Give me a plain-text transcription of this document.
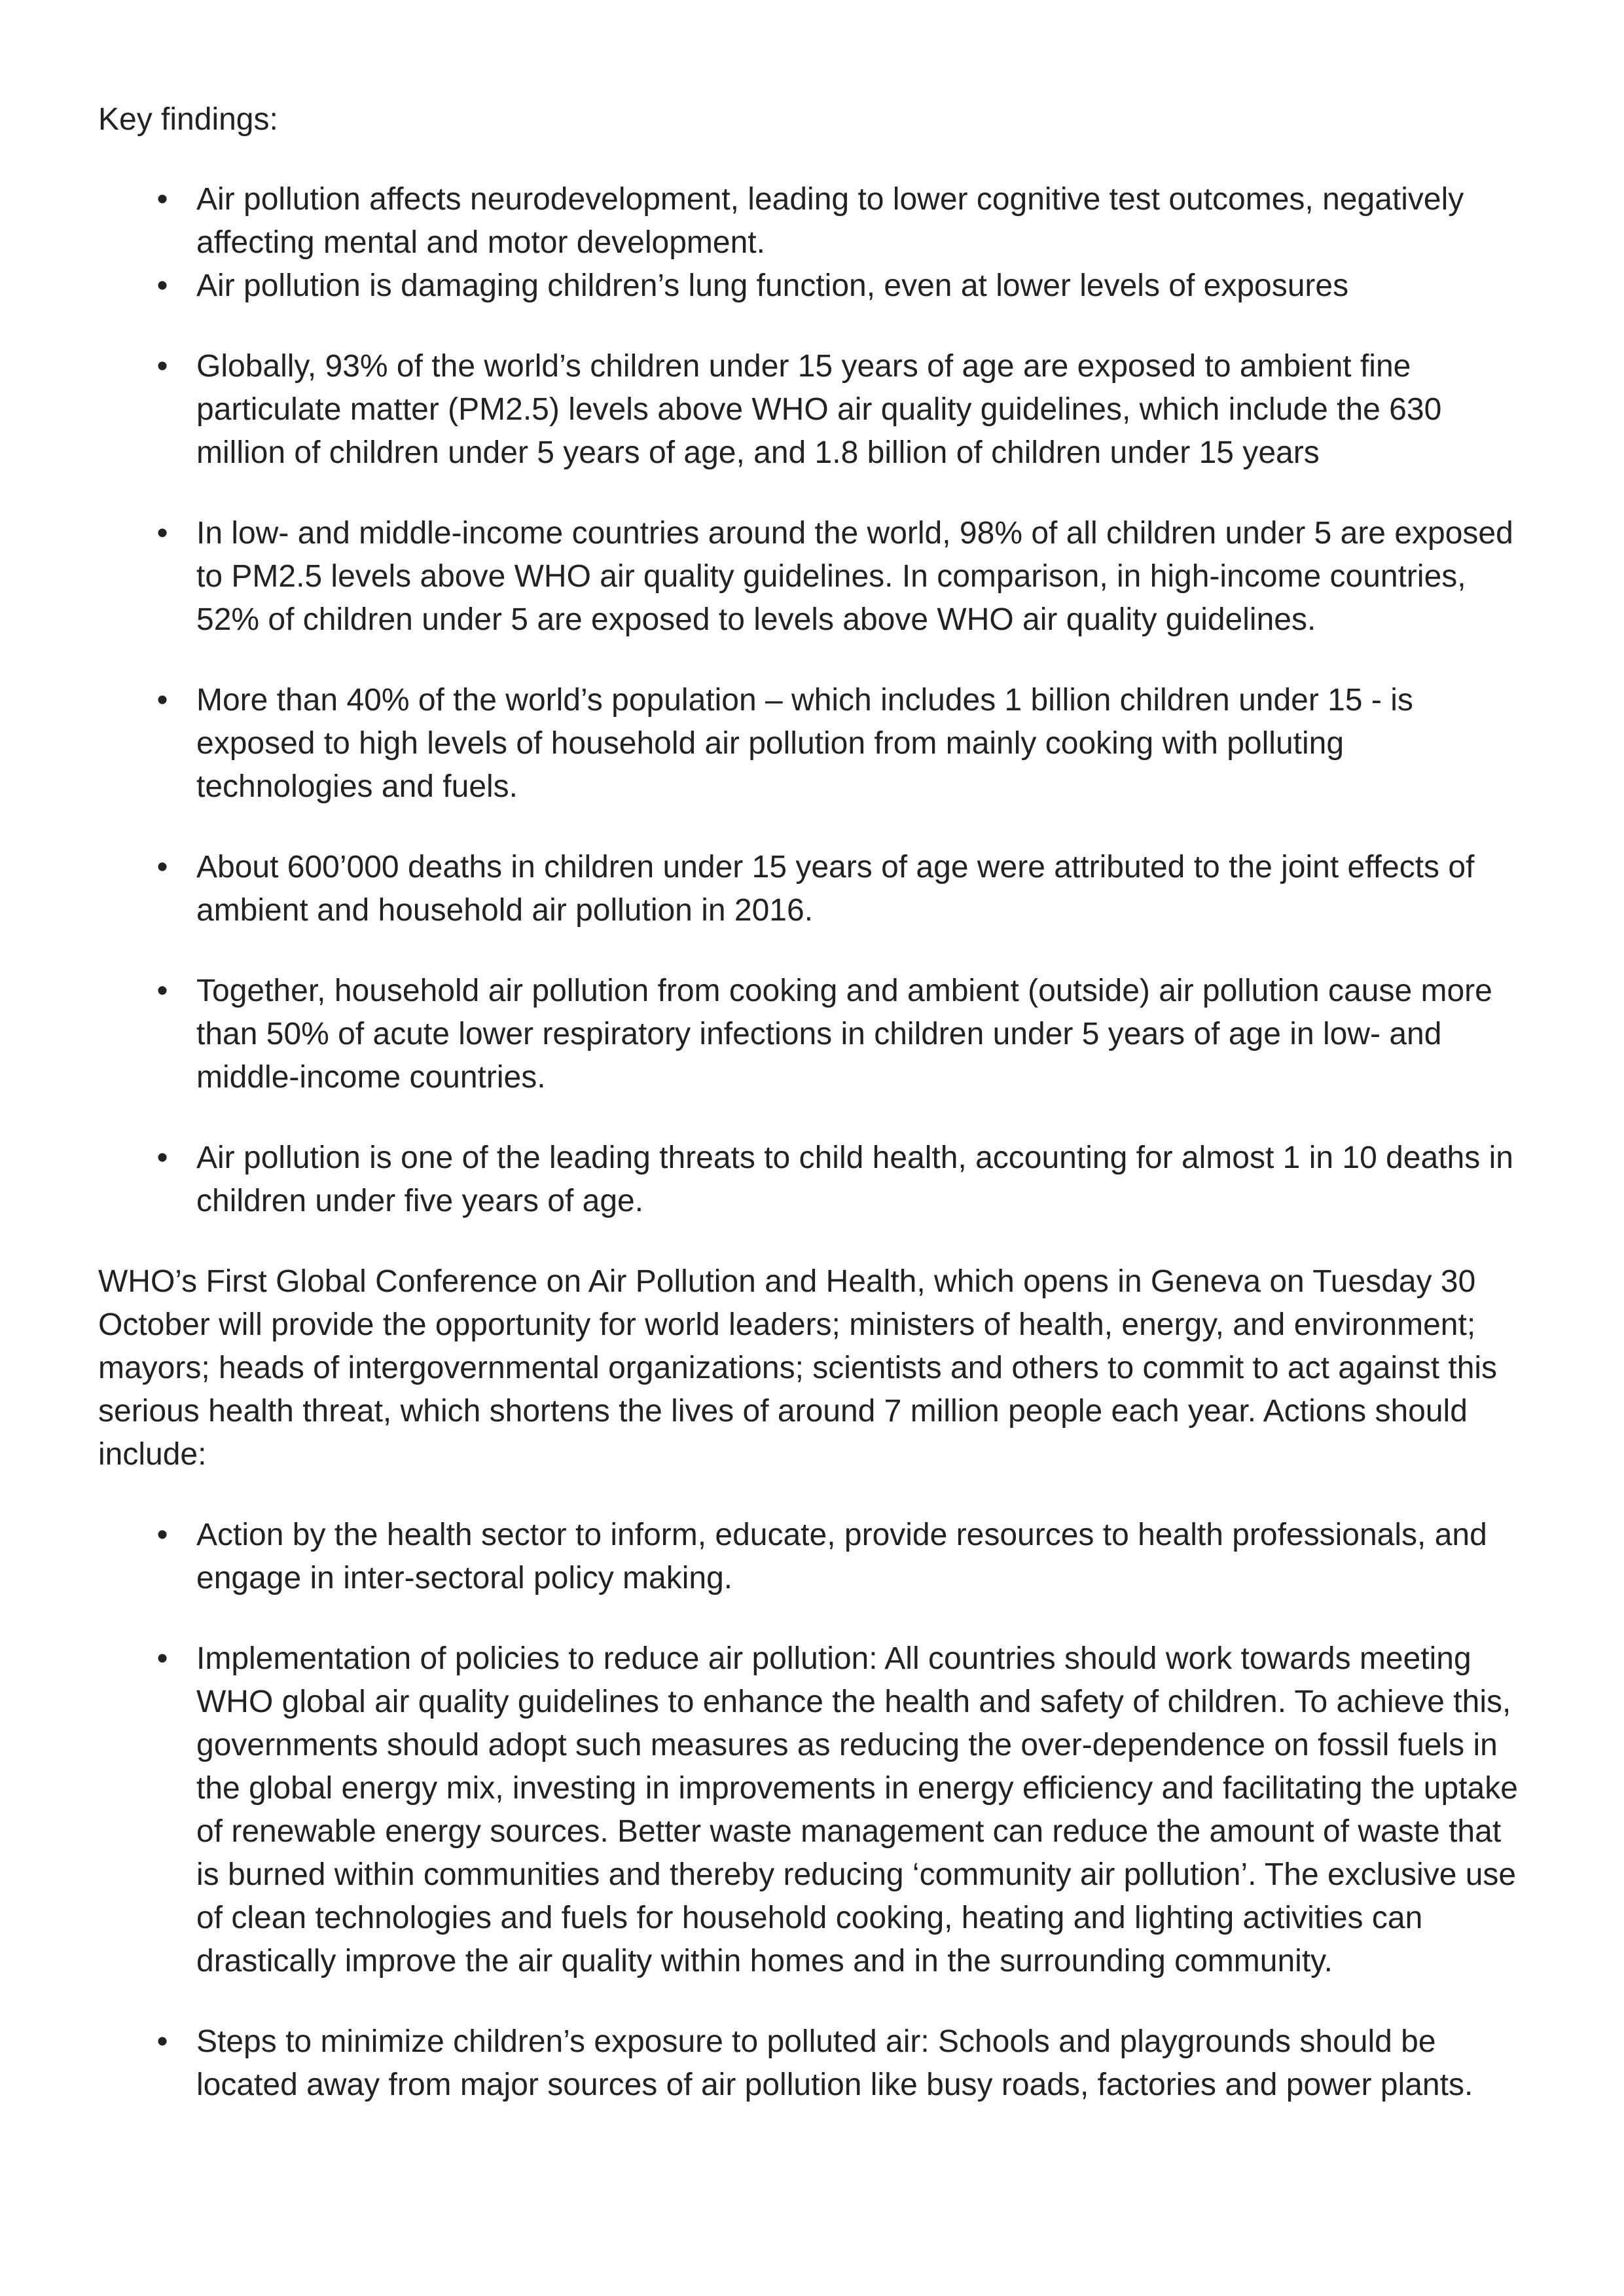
Key findings:

• Air pollution affects neurodevelopment, leading to lower cognitive test outcomes, negatively affecting mental and motor development.
• Air pollution is damaging children’s lung function, even at lower levels of exposures
• Globally, 93% of the world’s children under 15 years of age are exposed to ambient fine particulate matter (PM2.5) levels above WHO air quality guidelines, which include the 630 million of children under 5 years of age, and 1.8 billion of children under 15 years
• In low- and middle-income countries around the world, 98% of all children under 5 are exposed to PM2.5 levels above WHO air quality guidelines. In comparison, in high-income countries, 52% of children under 5 are exposed to levels above WHO air quality guidelines.
• More than 40% of the world’s population – which includes 1 billion children under 15 - is exposed to high levels of household air pollution from mainly cooking with polluting technologies and fuels.
• About 600’000 deaths in children under 15 years of age were attributed to the joint effects of ambient and household air pollution in 2016.
• Together, household air pollution from cooking and ambient (outside) air pollution cause more than 50% of acute lower respiratory infections in children under 5 years of age in low- and middle-income countries.
• Air pollution is one of the leading threats to child health, accounting for almost 1 in 10 deaths in children under five years of age.

WHO’s First Global Conference on Air Pollution and Health, which opens in Geneva on Tuesday 30 October will provide the opportunity for world leaders; ministers of health, energy, and environment; mayors; heads of intergovernmental organizations; scientists and others to commit to act against this serious health threat, which shortens the lives of around 7 million people each year. Actions should include:

• Action by the health sector to inform, educate, provide resources to health professionals, and engage in inter-sectoral policy making.
• Implementation of policies to reduce air pollution: All countries should work towards meeting WHO global air quality guidelines to enhance the health and safety of children. To achieve this, governments should adopt such measures as reducing the over-dependence on fossil fuels in the global energy mix, investing in improvements in energy efficiency and facilitating the uptake of renewable energy sources. Better waste management can reduce the amount of waste that is burned within communities and thereby reducing ‘community air pollution’. The exclusive use of clean technologies and fuels for household cooking, heating and lighting activities can drastically improve the air quality within homes and in the surrounding community.
• Steps to minimize children’s exposure to polluted air: Schools and playgrounds should be located away from major sources of air pollution like busy roads, factories and power plants.
